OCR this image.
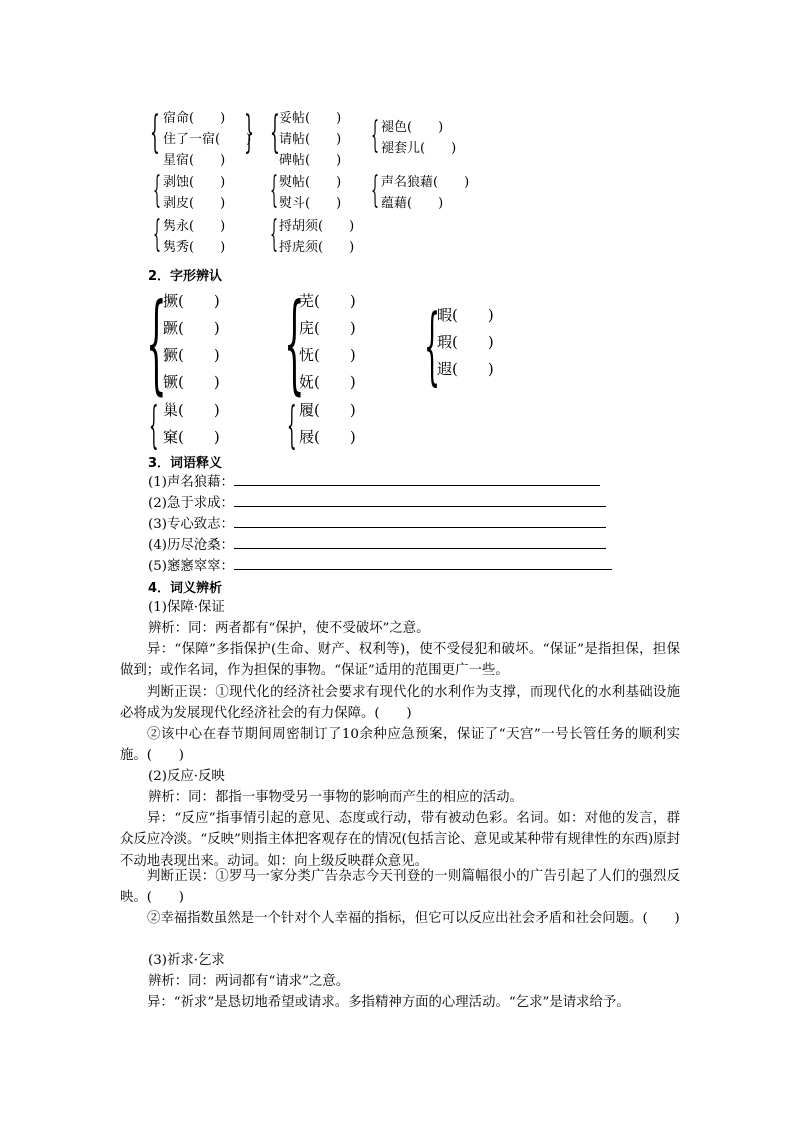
{ 宿命(　　)
住了一宿(　　)
星宿(　　)
{ { 妥帖(　　)
请帖(　　)
碑帖(　　)
{ 褪色(　　)
褪套儿(　　)
{ 剥蚀(　　)
剥皮(　　) { 熨帖(　　)
熨斗(　　) { 声名狼藉(　　)
蕴藉(　　)
{ 隽永(　　)
隽秀(　　) { 捋胡须(　　)
捋虎须(　　)
2．字形辨认
{
撅(　　)
蹶(　　)
獗(　　)
镢(　　) {
芜(　　)
庑(　　)
怃(　　)
妩(　　) {
暇(　　)
瑕(　　)
遐(　　)
{ 巢(　　)
窠(　　) { 履(　　)
屐(　　)
3．词语释义
(1)声名狼藉：
(2)急于求成：
(3)专心致志：
(4)历尽沧桑：
(5)窸窸窣窣：
4．词义辨析
(1)保障·保证
辨析：同：两者都有“保护，使不受破坏”之意。
异：“保障”多指保护(生命、财产、权利等)，使不受侵犯和破坏。“保证”是指担保，担保做到；或作名词，作为担保的事物。“保证”适用的范围更广一些。
判断正误：①现代化的经济社会要求有现代化的水利作为支撑，而现代化的水利基础设施必将成为发展现代化经济社会的有力保障。(　　)
②该中心在春节期间周密制订了10余种应急预案，保证了“天宫”一号长管任务的顺利实施。(　　)
(2)反应·反映
辨析：同：都指一事物受另一事物的影响而产生的相应的活动。
异：“反应”指事情引起的意见、态度或行动，带有被动色彩。名词。如：对他的发言，群众反应冷淡。“反映”则指主体把客观存在的情况(包括言论、意见或某种带有规律性的东西)原封不动地表现出来。动词。如：向上级反映群众意见。
判断正误：①罗马一家分类广告杂志今天刊登的一则篇幅很小的广告引起了人们的强烈反映。(　　)
②幸福指数虽然是一个针对个人幸福的指标，但它可以反应出社会矛盾和社会问题。(　　)
(3)祈求·乞求
辨析：同：两词都有“请求”之意。
异：“祈求”是恳切地希望或请求。多指精神方面的心理活动。“乞求”是请求给予。
